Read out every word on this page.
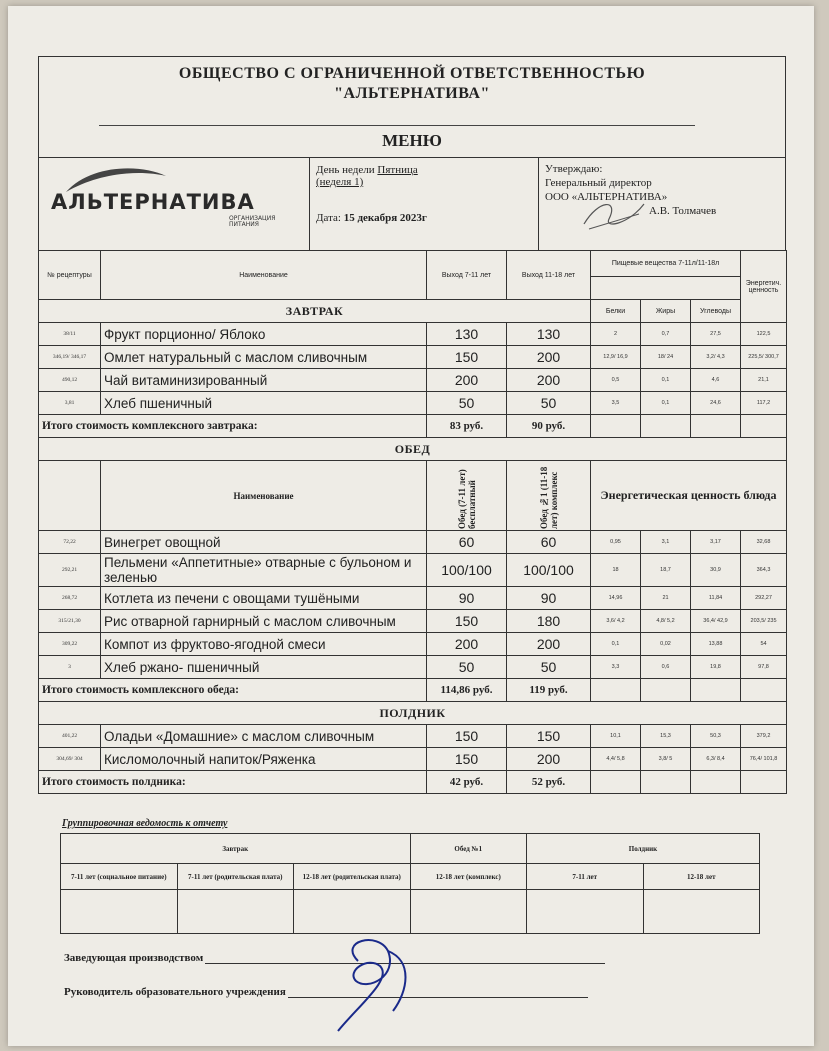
ОБЩЕСТВО С ОГРАНИЧЕННОЙ ОТВЕТСТВЕННОСТЬЮ
"АЛЬТЕРНАТИВА"
МЕНЮ
АЛЬТЕРНАТИВА
ОРГАНИЗАЦИЯ ПИТАНИЯ
День недели Пятница
(неделя 1)
Дата: 15 декабря 2023г
Утверждаю:
Генеральный директор
ООО «АЛЬТЕРНАТИВА»
А.В. Толмачев
№ рецептуры	Наименование	Выход 7-11 лет	Выход 11-18 лет	Пищевые вещества 7-11л/11-18л			Энергетич. ценность

ЗАВТРАК				Белки	Жиры	Углеводы	
38/11	Фрукт порционно/ Яблоко	130	130	2	0,7	27,5	122,5
346,19/ 346,17	Омлет натуральный с маслом сливочным	150	200	12,9/ 16,9	18/ 24	3,2/ 4,3	225,5/ 300,7
490,12	Чай витаминизированный	200	200	0,5	0,1	4,6	21,1
3,81	Хлеб пшеничный	50	50	3,5	0,1	24,6	117,2
Итого стоимость комплексного завтрака:		83 руб.	90 руб.				
ОБЕД							
	Наименование	Обед (7-11 лет) бесплатный	Обед №1 (11-18 лет) комплекс	Энергетическая ценность блюда			
72,22	Винегрет овощной	60	60	0,95	3,1	3,17	32,68
292,21	Пельмени «Аппетитные» отварные с бульоном и зеленью	100/100	100/100	18	18,7	30,9	364,3
268,72	Котлета из печени с овощами тушёными	90	90	14,96	21	11,84	292,27
315/21,30	Рис отварной гарнирный с маслом сливочным	150	180	3,6/ 4,2	4,8/ 5,2	36,4/ 42,9	203,5/ 235
309,22	Компот из фруктово-ягодной смеси	200	200	0,1	0,02	13,88	54
3	Хлеб ржано- пшеничный	50	50	3,3	0,6	19,8	97,8
Итого стоимость комплексного обеда:		114,86 руб.	119 руб.				
ПОЛДНИК							
401,22	Оладьи «Домашние» с маслом сливочным	150	150	10,1	15,3	50,3	379,2
304,69/ 304	Кисломолочный напиток/Ряженка	150	200	4,4/ 5,8	3,8/ 5	6,3/ 8,4	76,4/ 101,8
Итого стоимость полдника:		42 руб.	52 руб.				
Группировочная ведомость к отчету
Завтрак			Обед №1	Полдник	
7-11 лет (социальное питание)	7-11 лет (родительская плата)	12-18 лет (родительская плата)	12-18 лет (комплекс)	7-11 лет	12-18 лет

Заведующая производством
Руководитель образовательного учреждения
